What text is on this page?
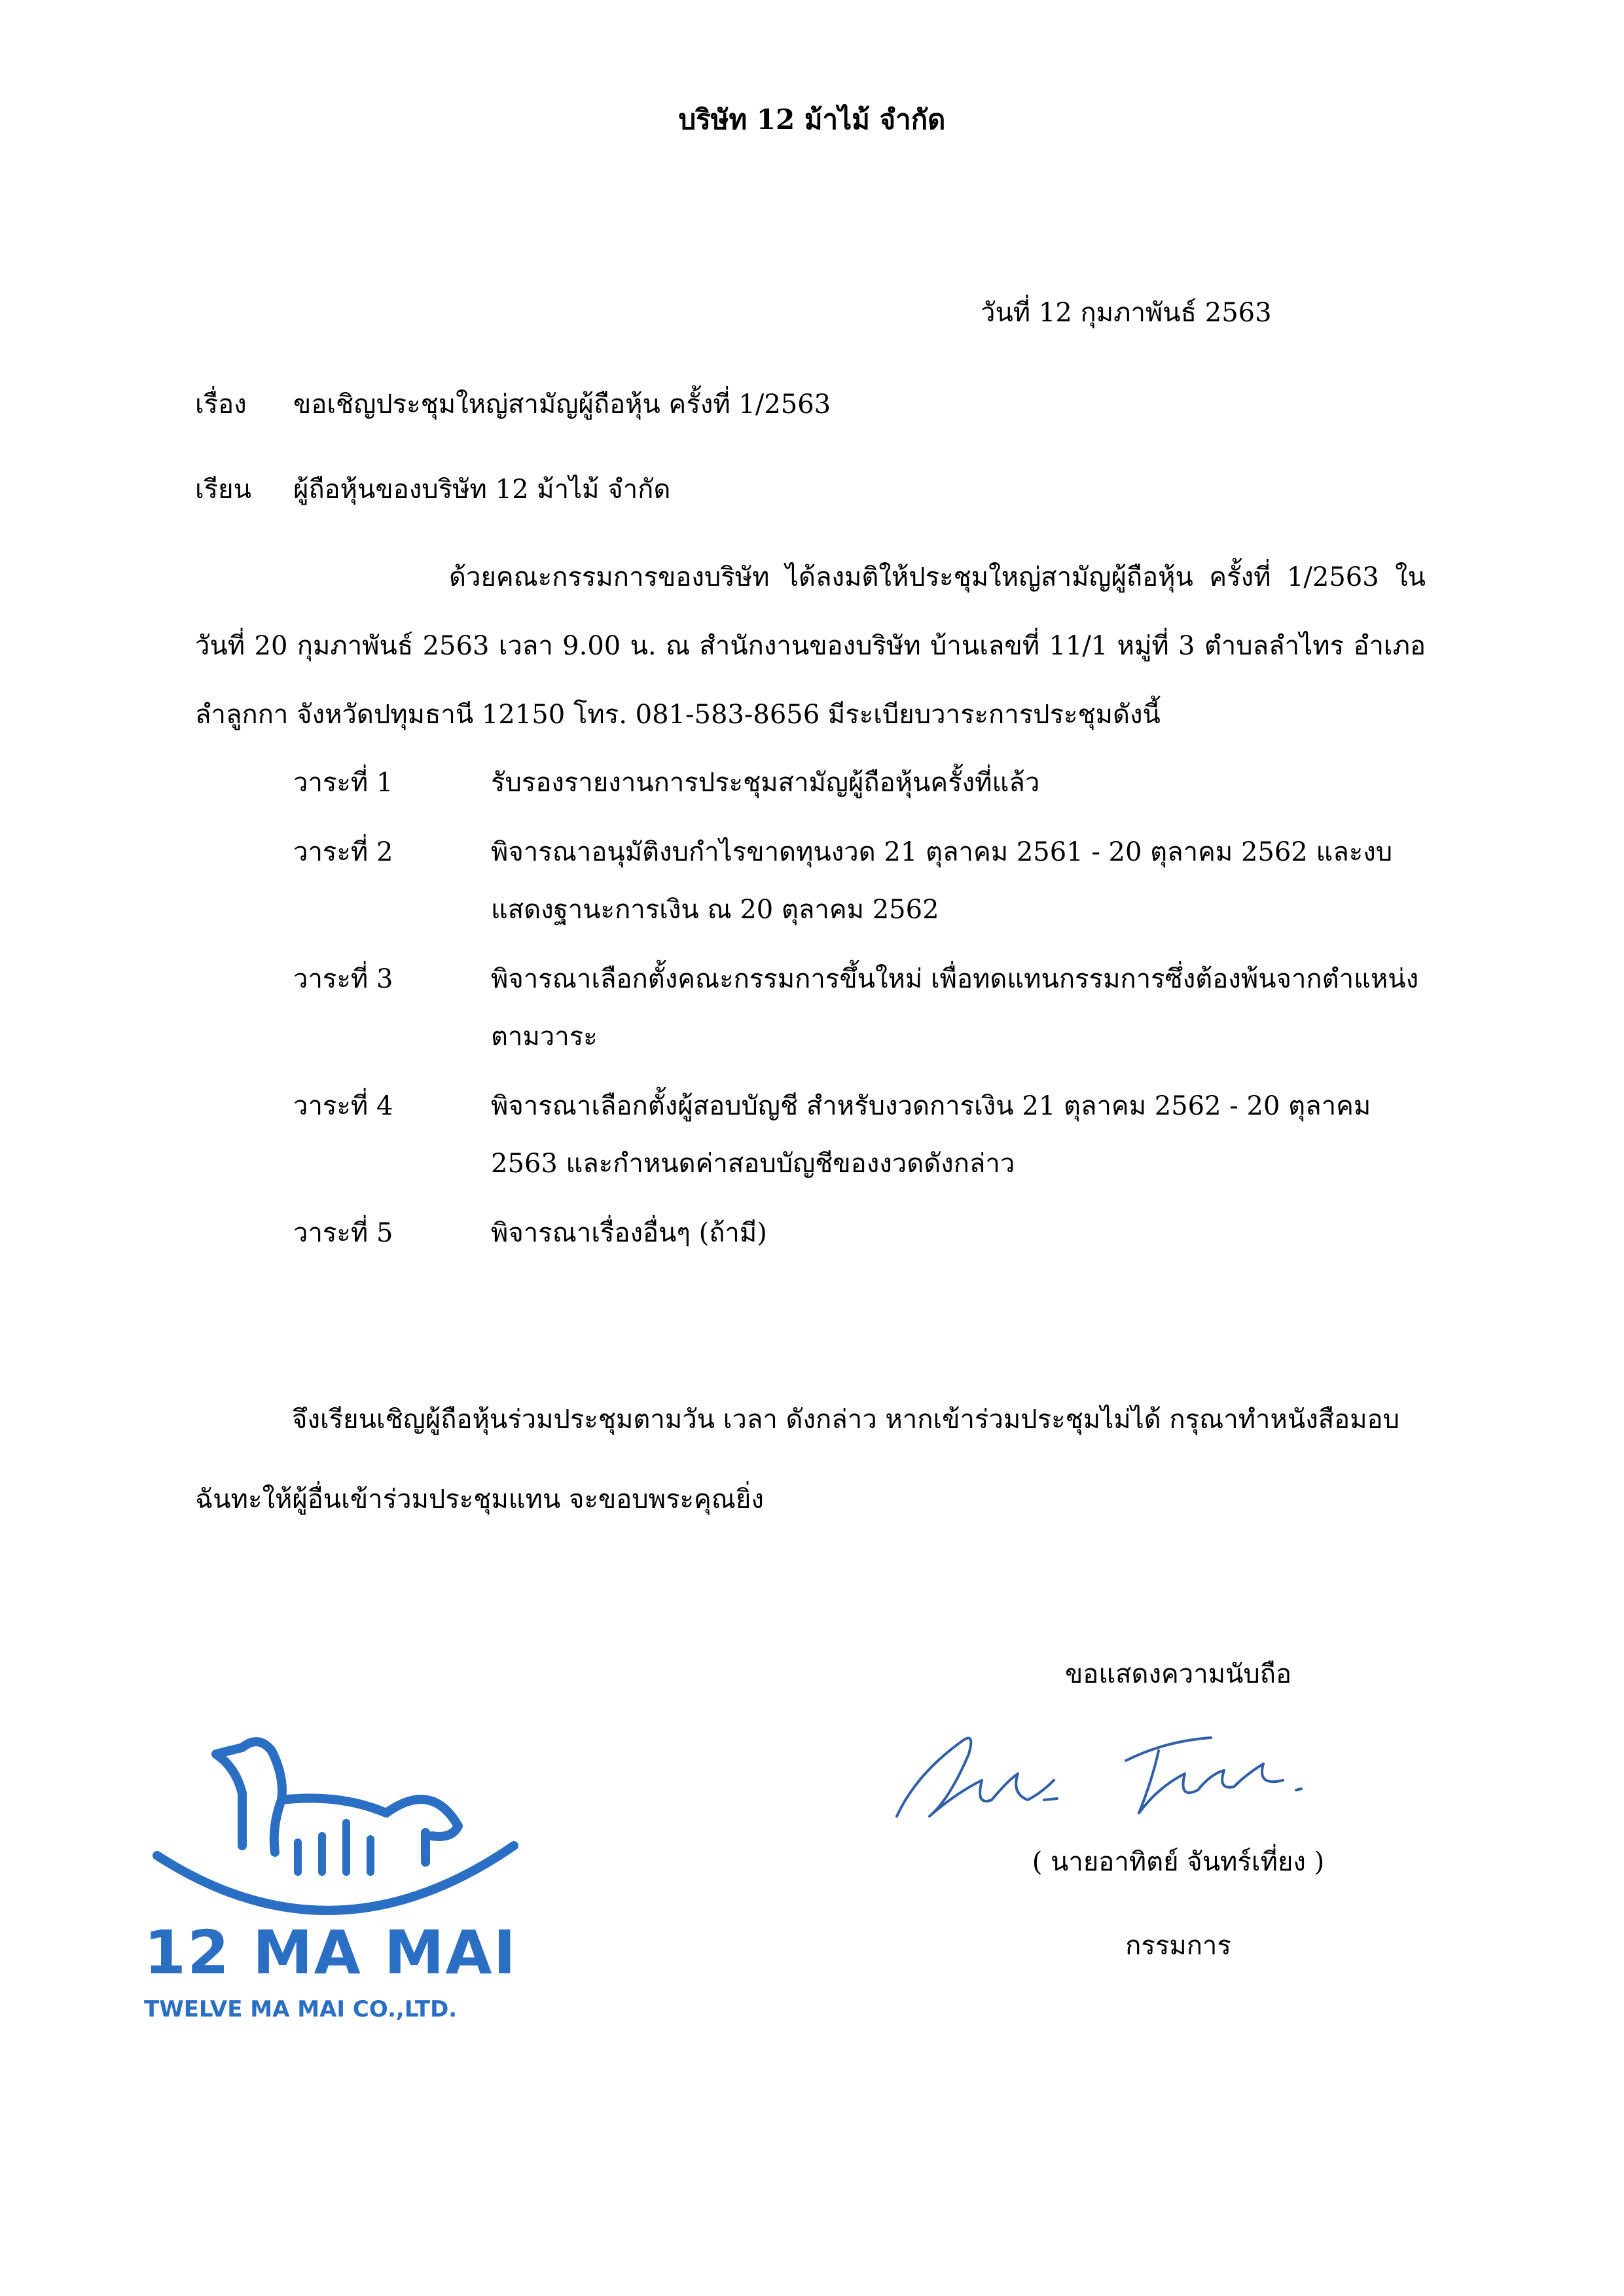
บริษัท 12 ม้าไม้ จำกัด
วันที่ 12 กุมภาพันธ์ 2563
เรื่อง ขอเชิญประชุมใหญ่สามัญผู้ถือหุ้น ครั้งที่ 1/2563
เรียน ผู้ถือหุ้นของบริษัท 12 ม้าไม้ จำกัด
ด้วยคณะกรรมการของบริษัท ได้ลงมติให้ประชุมใหญ่สามัญผู้ถือหุ้น ครั้งที่ 1/2563 ในวันที่ 20 กุมภาพันธ์ 2563 เวลา 9.00 น. ณ สำนักงานของบริษัท บ้านเลขที่ 11/1 หมู่ที่ 3 ตำบลลำไทร อำเภอลำลูกกา จังหวัดปทุมธานี 12150 โทร. 081-583-8656 มีระเบียบวาระการประชุมดังนี้
วาระที่ 1	รับรองรายงานการประชุมสามัญผู้ถือหุ้นครั้งที่แล้ว
วาระที่ 2	พิจารณาอนุมัติงบกำไรขาดทุนงวด 21 ตุลาคม 2561 - 20 ตุลาคม 2562 และงบแสดงฐานะการเงิน ณ 20 ตุลาคม 2562
วาระที่ 3	พิจารณาเลือกตั้งคณะกรรมการขึ้นใหม่ เพื่อทดแทนกรรมการซึ่งต้องพ้นจากตำแหน่งตามวาระ
วาระที่ 4	พิจารณาเลือกตั้งผู้สอบบัญชี สำหรับงวดการเงิน 21 ตุลาคม 2562 - 20 ตุลาคม 2563 และกำหนดค่าสอบบัญชีของงวดดังกล่าว
วาระที่ 5	พิจารณาเรื่องอื่นๆ (ถ้ามี)
จึงเรียนเชิญผู้ถือหุ้นร่วมประชุมตามวัน เวลา ดังกล่าว หากเข้าร่วมประชุมไม่ได้ กรุณาทำหนังสือมอบฉันทะให้ผู้อื่นเข้าร่วมประชุมแทน จะขอบพระคุณยิ่ง
12 MA MAI
TWELVE MA MAI CO.,LTD.
ขอแสดงความนับถือ
( นายอาทิตย์ จันทร์เที่ยง )
กรรมการ
